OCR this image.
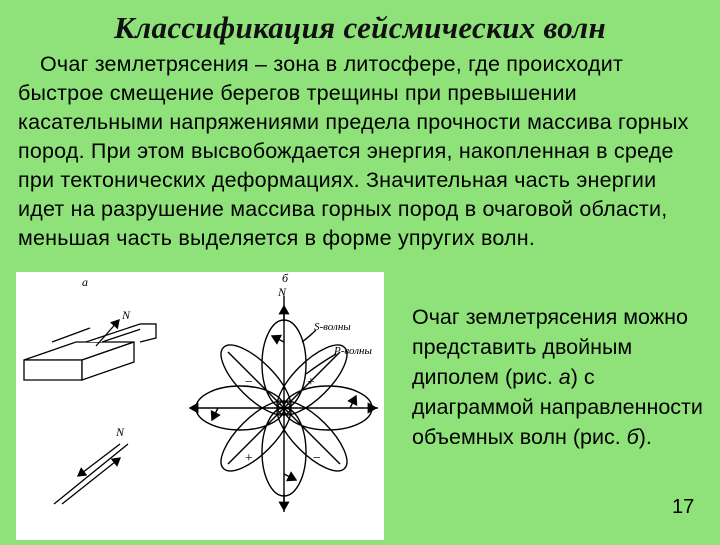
Классификация сейсмических волн
Очаг землетрясения – зона в литосфере, где происходит быстрое смещение берегов трещины при превышении касательными напряжениями предела прочности массива горных пород. При этом высвобождается энергия, накопленная в среде при тектонических деформациях. Значительная часть энергии идет на разрушение массива горных пород в очаговой области, меньшая часть выделяется в форме упругих волн.
а
N
N
б
N
S-волны
P-волны
+
−
+	−
Очаг землетрясения можно представить двойным диполем (рис. а) с диаграммой направленности объемных волн (рис. б).
17
